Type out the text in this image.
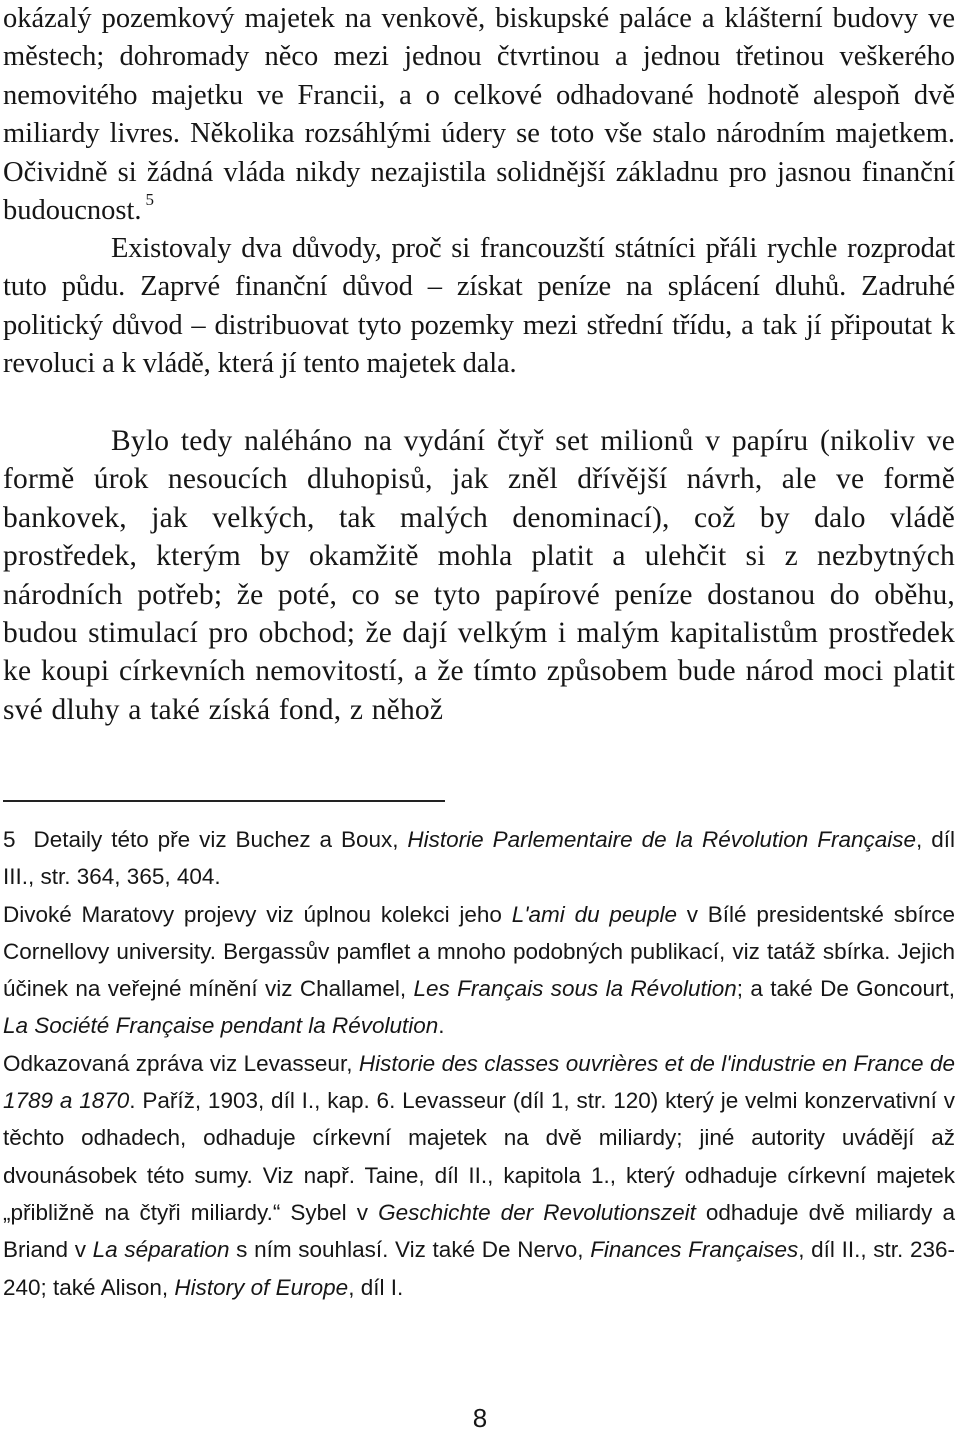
okázalý pozemkový majetek na venkově, biskupské paláce a klášterní budovy ve městech; dohromady něco mezi jednou čtvrtinou a jednou třetinou veškerého nemovitého majetku ve Francii, a o celkové odhadované hodnotě alespoň dvě miliardy livres. Několika rozsáhlými údery se toto vše stalo národním majetkem. Očividně si žádná vláda nikdy nezajistila solidnější základnu pro jasnou finanční budoucnost. $^5$

Existovaly dva důvody, proč si francouzští státníci přáli rychle rozprodat tuto půdu. Zaprvé finanční důvod – získat peníze na splácení dluhů. Zadruhé politický důvod – distribuovat tyto pozemky mezi střední třídu, a tak jí připoutat k revoluci a k vládě, která jí tento majetek dala.

Bylo tedy naléháno na vydání čtyř set milionů v papíru (nikoliv ve formě úrok nesoucích dluhopisů, jak zněl dřívější návrh, ale ve formě bankovek, jak velkých, tak malých denominací), což by dalo vládě prostředek, kterým by okamžitě mohla platit a ulehčit si z nezbytných národních potřeb; že poté, co se tyto papírové peníze dostanou do oběhu, budou stimulací pro obchod; že dají velkým i malým kapitalistům prostředek ke koupi církevních nemovitostí, a že tímto způsobem bude národ moci platit své dluhy a také získá fond, z něhož

5 Detaily této pře viz Buchez a Boux, Historie Parlementaire de la Révolution Française, díl III., str. 364, 365, 404.

Divoké Maratovy projevy viz úplnou kolekci jeho L'ami du peuple v Bílé presidentské sbírce Cornellovy university. Bergassův pamflet a mnoho podobných publikací, viz tatáž sbírka. Jejich účinek na veřejné mínění viz Challamel, Les Français sous la Révolution; a také De Goncourt, La Société Française pendant la Révolution.

Odkazovaná zpráva viz Levasseur, Historie des classes ouvrières et de l'industrie en France de 1789 a 1870. Paříž, 1903, díl I., kap. 6. Levasseur (díl 1, str. 120) který je velmi konzervativní v těchto odhadech, odhaduje církevní majetek na dvě miliardy; jiné autority uvádějí až dvounásobek této sumy. Viz např. Taine, díl II., kapitola 1., který odhaduje církevní majetek „přibližně na čtyři miliardy.“ Sybel v Geschichte der Revolutionszeit odhaduje dvě miliardy a Briand v La séparation s ním souhlasí. Viz také De Nervo, Finances Françaises, díl II., str. 236-240; také Alison, History of Europe, díl I.

8
